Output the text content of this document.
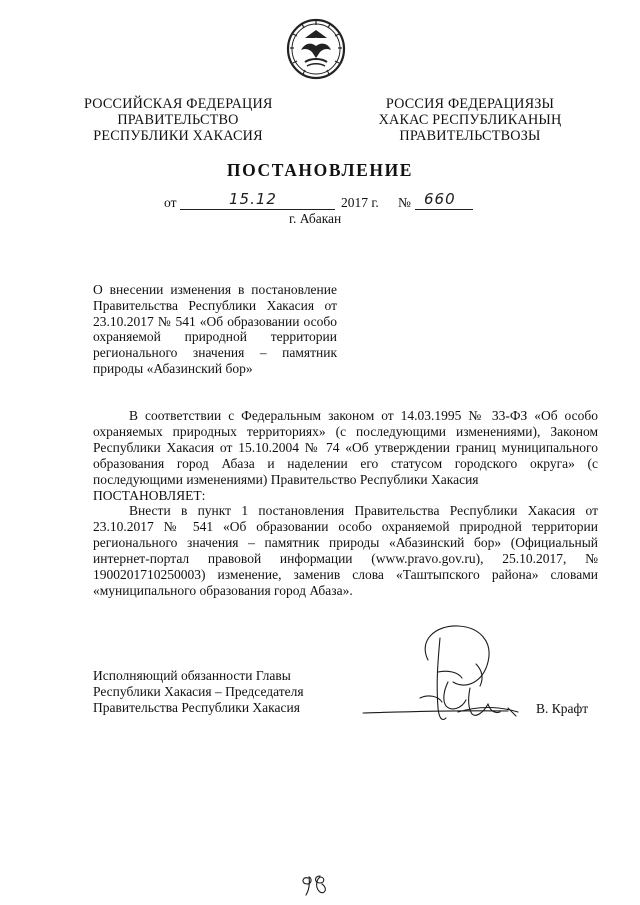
РОССИЙСКАЯ ФЕДЕРАЦИЯ
ПРАВИТЕЛЬСТВО
РЕСПУБЛИКИ ХАКАСИЯ
РОССИЯ ФЕДЕРАЦИЯЗЫ
ХАКАС РЕСПУБЛИКАНЫҢ
ПРАВИТЕЛЬСТВОЗЫ
ПОСТАНОВЛЕНИЕ
от	15.12	2017 г. № 660
г. Абакан
О внесении изменения в постановление Правительства Республики Хакасия от 23.10.2017 № 541 «Об образовании особо охраняемой природной территории регионального значения – памятник природы «Абазинский бор»

В соответствии с Федеральным законом от 14.03.1995 № 33-ФЗ «Об особо охраняемых природных территориях» (с последующими изменениями), Законом Республики Хакасия от 15.10.2004 № 74 «Об утверждении границ муниципального образования город Абаза и наделении его статусом городского округа» (с последующими изменениями) Правительство Республики Хакасия

ПОСТАНОВЛЯЕТ:

Внести в пункт 1 постановления Правительства Республики Хакасия от 23.10.2017 № 541 «Об образовании особо охраняемой природной территории регионального значения – памятник природы «Абазинский бор» (Официальный интернет-портал правовой информации (www.pravo.gov.ru), 25.10.2017, № 1900201710250003) изменение, заменив слова «Таштыпского района» словами «муниципального образования город Абаза».

Исполняющий обязанности Главы
Республики Хакасия – Председателя
Правительства Республики Хакасия	В. Крафт
